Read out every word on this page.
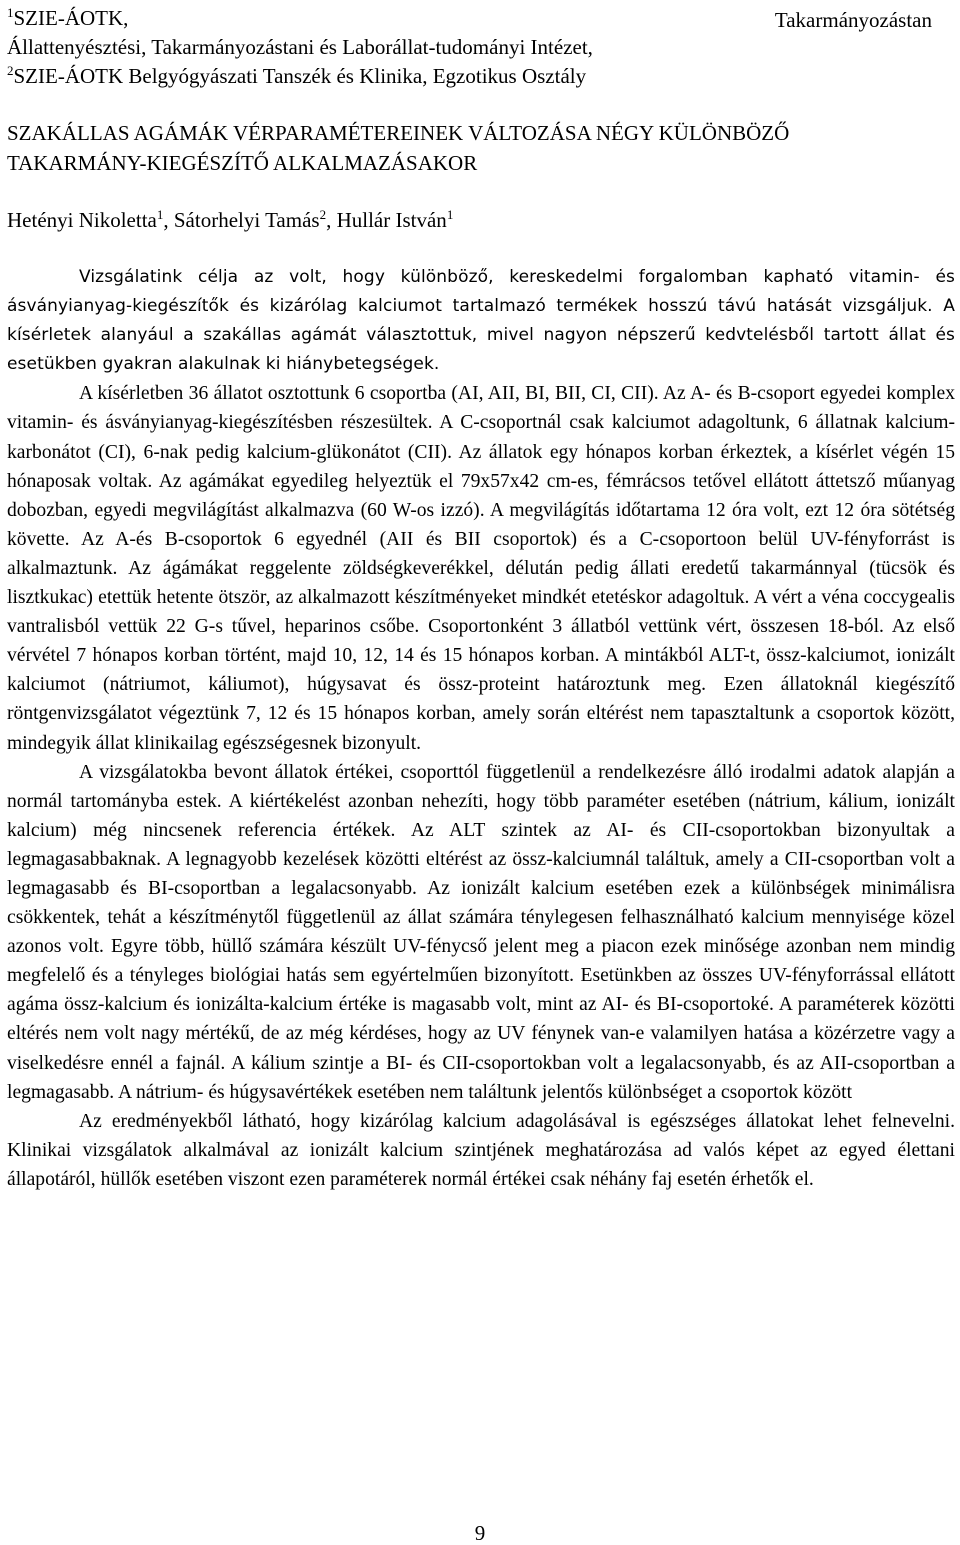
$^1$SZIE-ÁOTK,
Állattenyésztési, Takarmányozástani és Laborállat-tudományi Intézet,
$^2$SZIE-ÁOTK Belgyógyászati Tanszék és Klinika, Egzotikus Osztály
Takarmányozástan
SZAKÁLLAS AGÁMÁK VÉRPARAMÉTEREINEK VÁLTOZÁSA NÉGY KÜLÖNBÖZŐ
TAKARMÁNY-KIEGÉSZÍTŐ ALKALMAZÁSAKOR
Hetényi Nikoletta$^1$, Sátorhelyi Tamás$^2$, Hullár István$^1$

Vizsgálatink célja az volt, hogy különböző, kereskedelmi forgalomban kapható vitamin- és ásványianyag-kiegészítők és kizárólag kalciumot tartalmazó termékek hosszú távú hatását vizsgáljuk. A kísérletek alanyául a szakállas agámát választottuk, mivel nagyon népszerű kedvtelésből tartott állat és esetükben gyakran alakulnak ki hiánybetegségek.

A kísérletben 36 állatot osztottunk 6 csoportba (AI, AII, BI, BII, CI, CII). Az A- és B-csoport egyedei komplex vitamin- és ásványianyag-kiegészítésben részesültek. A C-csoportnál csak kalciumot adagoltunk, 6 állatnak kalcium-karbonátot (CI), 6-nak pedig kalcium-glükonátot (CII). Az állatok egy hónapos korban érkeztek, a kísérlet végén 15 hónaposak voltak. Az agámákat egyedileg helyeztük el 79x57x42 cm-es, fémrácsos tetővel ellátott áttetsző műanyag dobozban, egyedi megvilágítást alkalmazva (60 W-os izzó). A megvilágítás időtartama 12 óra volt, ezt 12 óra sötétség követte. Az A-és B-csoportok 6 egyednél (AII és BII csoportok) és a C-csoportoon belül UV-fényforrást is alkalmaztunk. Az ágámákat reggelente zöldségkeverékkel, délután pedig állati eredetű takarmánnyal (tücsök és lisztkukac) etettük hetente ötször, az alkalmazott készítményeket mindkét etetéskor adagoltuk. A vért a véna coccygealis vantralisból vettük 22 G-s tűvel, heparinos csőbe. Csoportonként 3 állatból vettünk vért, összesen 18-ból. Az első vérvétel 7 hónapos korban történt, majd 10, 12, 14 és 15 hónapos korban. A mintákból ALT-t, össz-kalciumot, ionizált kalciumot (nátriumot, káliumot), húgysavat és össz-proteint határoztunk meg. Ezen állatoknál kiegészítő röntgenvizsgálatot végeztünk 7, 12 és 15 hónapos korban, amely során eltérést nem tapasztaltunk a csoportok között, mindegyik állat klinikailag egészségesnek bizonyult.

A vizsgálatokba bevont állatok értékei, csoporttól függetlenül a rendelkezésre álló irodalmi adatok alapján a normál tartományba estek. A kiértékelést azonban nehezíti, hogy több paraméter esetében (nátrium, kálium, ionizált kalcium) még nincsenek referencia értékek. Az ALT szintek az AI- és CII-csoportokban bizonyultak a legmagasabbaknak. A legnagyobb kezelések közötti eltérést az össz-kalciumnál találtuk, amely a CII-csoportban volt a legmagasabb és BI-csoportban a legalacsonyabb. Az ionizált kalcium esetében ezek a különbségek minimálisra csökkentek, tehát a készítménytől függetlenül az állat számára ténylegesen felhasználható kalcium mennyisége közel azonos volt. Egyre több, hüllő számára készült UV-fénycső jelent meg a piacon ezek minősége azonban nem mindig megfelelő és a tényleges biológiai hatás sem egyértelműen bizonyított. Esetünkben az összes UV-fényforrással ellátott agáma össz-kalcium és ionizálta-kalcium értéke is magasabb volt, mint az AI- és BI-csoportoké. A paraméterek közötti eltérés nem volt nagy mértékű, de az még kérdéses, hogy az UV fénynek van-e valamilyen hatása a közérzetre vagy a viselkedésre ennél a fajnál. A kálium szintje a BI- és CII-csoportokban volt a legalacsonyabb, és az AII-csoportban a legmagasabb. A nátrium- és húgysavértékek esetében nem találtunk jelentős különbséget a csoportok között

Az eredményekből látható, hogy kizárólag kalcium adagolásával is egészséges állatokat lehet felnevelni. Klinikai vizsgálatok alkalmával az ionizált kalcium szintjének meghatározása ad valós képet az egyed élettani állapotáról, hüllők esetében viszont ezen paraméterek normál értékei csak néhány faj esetén érhetők el.

9
